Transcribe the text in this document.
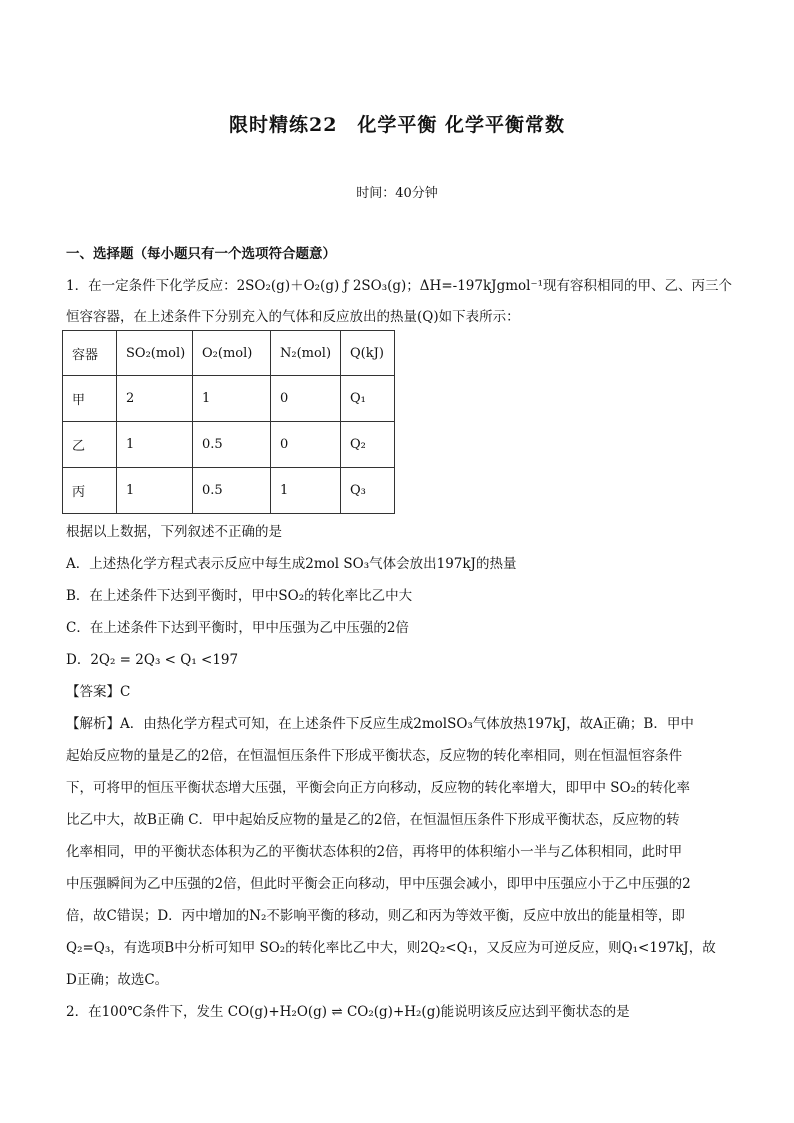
限时精练22　化学平衡 化学平衡常数
时间：40分钟
一、选择题（每小题只有一个选项符合题意）
1．在一定条件下化学反应：2SO₂(g)＋O₂(g) ƒ 2SO₃(g)；ΔH=-197kJgmol⁻¹现有容积相同的甲、乙、丙三个
恒容容器，在上述条件下分别充入的气体和反应放出的热量(Q)如下表所示：
容器	SO₂(mol)	O₂(mol)	N₂(mol)	Q(kJ)
甲	2	1	0	Q₁
乙	1	0.5	0	Q₂
丙	1	0.5	1	Q₃
根据以上数据，下列叙述不正确的是
A．上述热化学方程式表示反应中每生成2mol SO₃气体会放出197kJ的热量
B．在上述条件下达到平衡时，甲中SO₂的转化率比乙中大
C．在上述条件下达到平衡时，甲中压强为乙中压强的2倍
D．2Q₂ = 2Q₃ < Q₁ <197
【答案】C
【解析】A．由热化学方程式可知，在上述条件下反应生成2molSO₃气体放热197kJ，故A正确；B．甲中
起始反应物的量是乙的2倍，在恒温恒压条件下形成平衡状态，反应物的转化率相同，则在恒温恒容条件
下，可将甲的恒压平衡状态增大压强，平衡会向正方向移动，反应物的转化率增大，即甲中 SO₂的转化率
比乙中大，故B正确 C．甲中起始反应物的量是乙的2倍，在恒温恒压条件下形成平衡状态，反应物的转
化率相同，甲的平衡状态体积为乙的平衡状态体积的2倍，再将甲的体积缩小一半与乙体积相同，此时甲
中压强瞬间为乙中压强的2倍，但此时平衡会正向移动，甲中压强会减小，即甲中压强应小于乙中压强的2
倍，故C错误；D．丙中增加的N₂不影响平衡的移动，则乙和丙为等效平衡，反应中放出的能量相等，即
Q₂=Q₃，有选项B中分析可知甲 SO₂的转化率比乙中大，则2Q₂<Q₁，又反应为可逆反应，则Q₁<197kJ，故
D正确；故选C。
2．在100℃条件下，发生 CO(g)+H₂O(g) ⇌ CO₂(g)+H₂(g)能说明该反应达到平衡状态的是
